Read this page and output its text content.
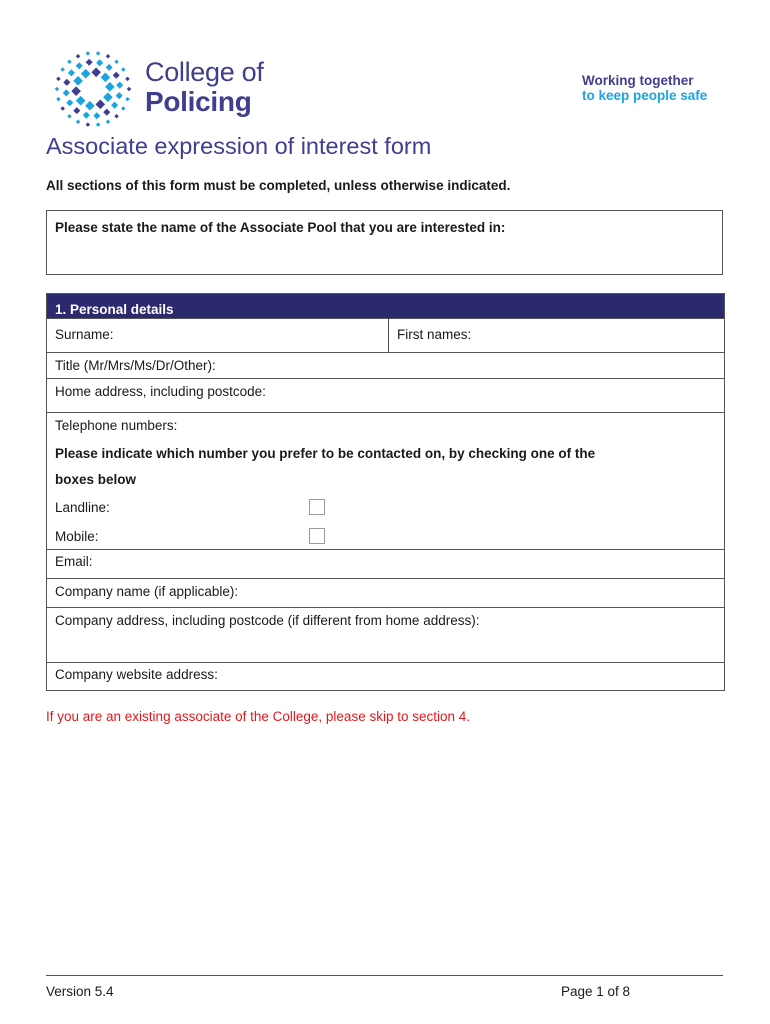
College of
Policing
Working together
to keep people safe
Associate expression of interest form

All sections of this form must be completed, unless otherwise indicated.

Please state the name of the Associate Pool that you are interested in:
1. Personal details
Surname:	First names:
Title (Mr/Mrs/Ms/Dr/Other):
Home address, including postcode:
Telephone numbers:
Please indicate which number you prefer to be contacted on, by checking one of the
boxes below
Landline:
Mobile:
Email:
Company name (if applicable):
Company address, including postcode (if different from home address):
Company website address:

If you are an existing associate of the College, please skip to section 4.

Version 5.4	Page 1 of 8
